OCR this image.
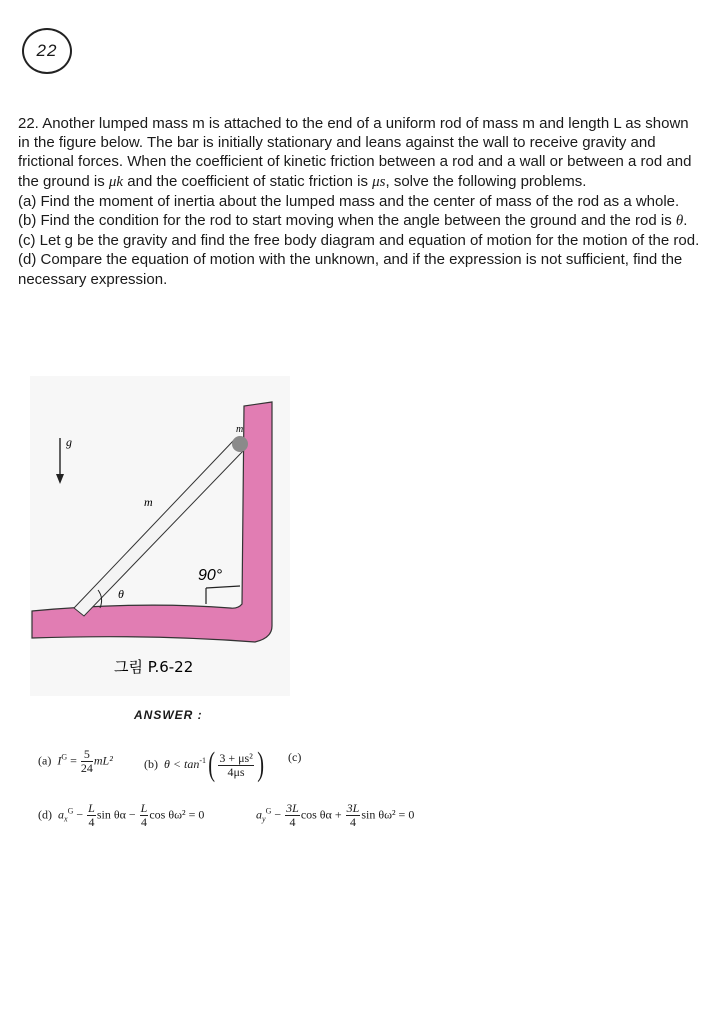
22

22. Another lumped mass m is attached to the end of a uniform rod of mass m and length L as shown in the figure below. The bar is initially stationary and leans against the wall to receive gravity and frictional forces. When the coefficient of kinetic friction between a rod and a wall or between a rod and the ground is μk and the coefficient of static friction is μs, solve the following problems.

(a) Find the moment of inertia about the lumped mass and the center of mass of the rod as a whole.

(b) Find the condition for the rod to start moving when the angle between the ground and the rod is θ.

(c) Let g be the gravity and find the free body diagram and equation of motion for the motion of the rod.

(d) Compare the equation of motion with the unknown, and if the expression is not sufficient, find the necessary expression.

g
m
m
θ
90°
그림 P.6-22
ANSWER :
(a) $I^G = \frac{5}{24} mL^2$	(b) $\theta < \tan^{-1}( \frac{\text{3 + μs²}}{4\mu s}$ ) (c)
(d) $a_x^G - \frac{L}{4}$ $\sin \theta\alpha - \frac{L}{4}$ cos θω² = 0	$a_y^G - \frac{3L}{4}$ $\cos \theta\alpha + \frac{3L}{4}$ sin θω² = 0
